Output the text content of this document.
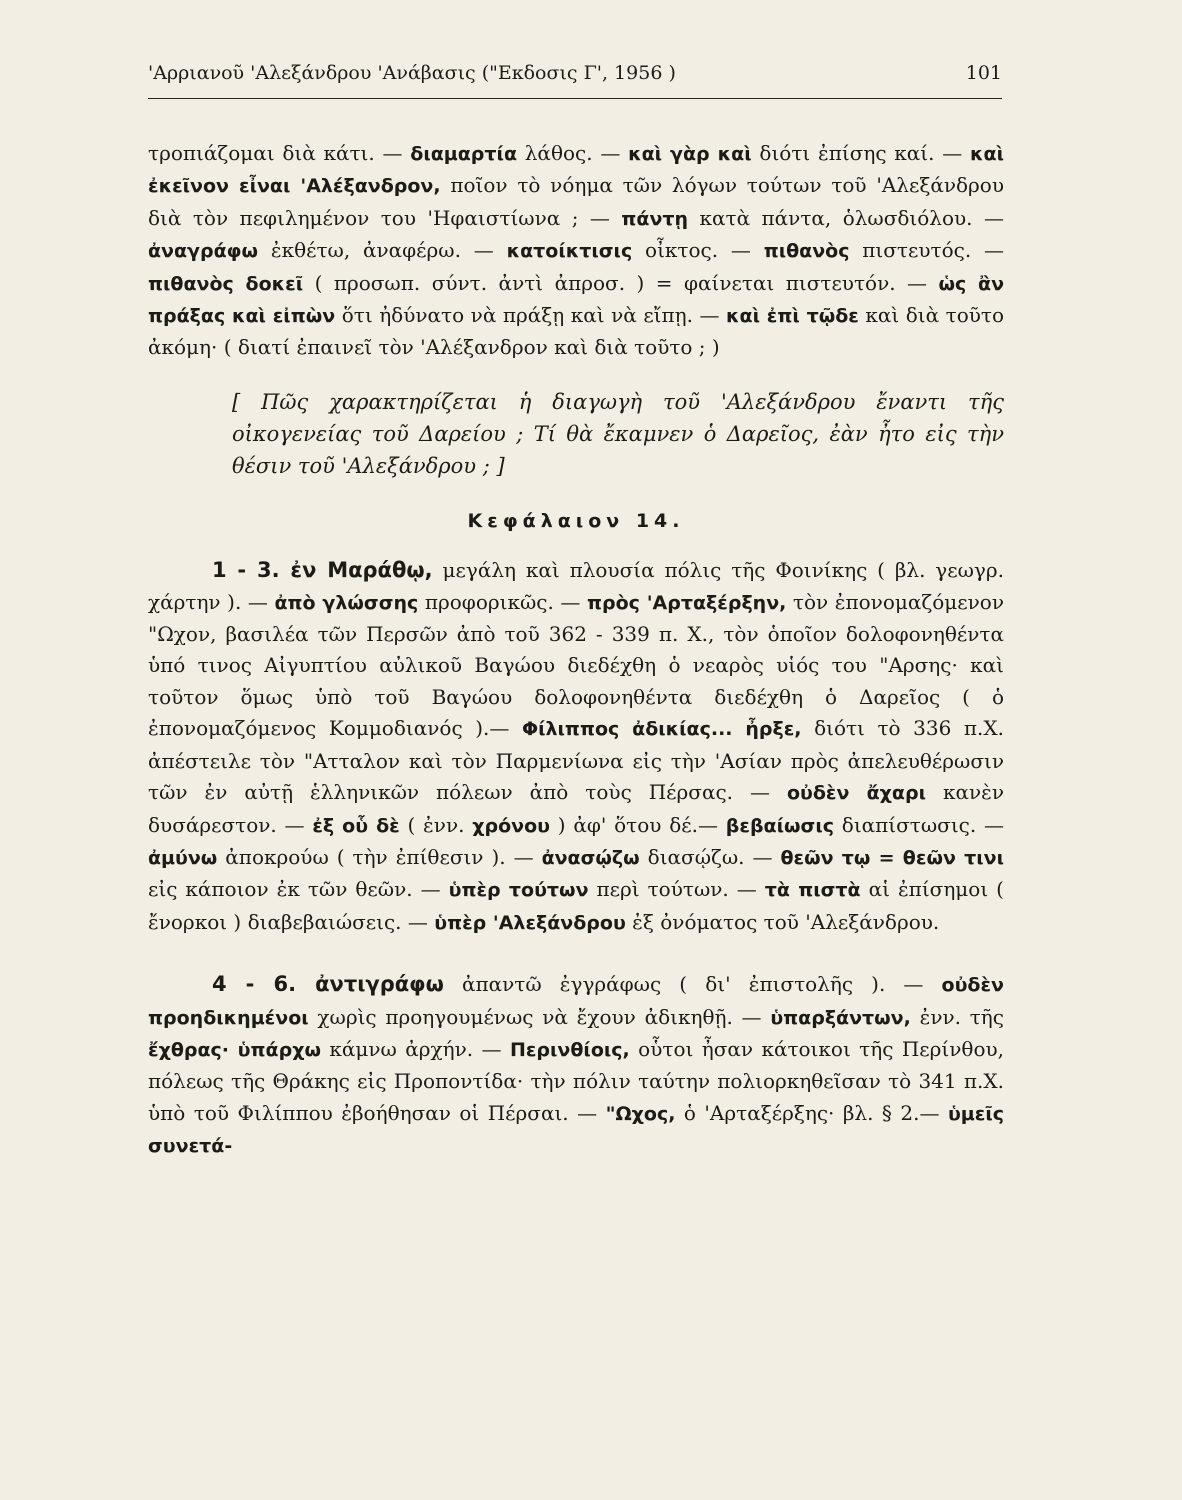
'Αρριανοῦ 'Αλεξάνδρου 'Ανάβασις ("Εκδοσις Γ', 1956 )	101

τροπιάζομαι διὰ κάτι. — διαμαρτία λάθος. — καὶ γὰρ καὶ διότι ἐπίσης καί. — καὶ ἐκεῖνον εἶναι 'Αλέξανδρον, ποῖον τὸ νόημα τῶν λόγων τούτων τοῦ 'Αλεξάνδρου διὰ τὸν πεφιλημένον του 'Ηφαιστίωνα ; — πάντῃ κατὰ πάντα, ὁλωσδιόλου. — ἀναγράφω ἐκθέτω, ἀναφέρω. — κατοίκτισις οἶκτος. — πιθανὸς πιστευτός. — πιθανὸς δοκεῖ ( προσωπ. σύντ. ἀντὶ ἀπροσ. ) = φαίνεται πιστευτόν. — ὡς ἂν πράξας καὶ εἰπὼν ὅτι ἠδύνατο νὰ πράξῃ καὶ νὰ εἴπῃ. — καὶ ἐπὶ τῷδε καὶ διὰ τοῦτο ἀκόμη· ( διατί ἐπαινεῖ τὸν 'Αλέξανδρον καὶ διὰ τοῦτο ; )

[ Πῶς χαρακτηρίζεται ἡ διαγωγὴ τοῦ 'Αλεξάνδρου ἔναντι τῆς οἰκογενείας τοῦ Δαρείου ; Τί θὰ ἔκαμνεν ὁ Δαρεῖος, ἐὰν ἦτο εἰς τὴν θέσιν τοῦ 'Αλεξάνδρου ; ]

Κεφάλαιον 14.

1 - 3. ἐν Μαράθῳ, μεγάλη καὶ πλουσία πόλις τῆς Φοινίκης ( βλ. γεωγρ. χάρτην ). — ἀπὸ γλώσσης προφορικῶς. — πρὸς 'Αρταξέρξην, τὸν ἐπονομαζόμενον "Ωχον, βασιλέα τῶν Περσῶν ἀπὸ τοῦ 362 - 339 π. Χ., τὸν ὁποῖον δολοφονηθέντα ὑπό τινος Αἰγυπτίου αὐλικοῦ Βαγώου διεδέχθη ὁ νεαρὸς υἱός του "Αρσης· καὶ τοῦτον ὅμως ὑπὸ τοῦ Βαγώου δολοφονηθέντα διεδέχθη ὁ Δαρεῖος ( ὁ ἐπονομαζόμενος Κομμοδιανός ).— Φίλιππος ἀδικίας... ἦρξε, διότι τὸ 336 π.Χ. ἀπέστειλε τὸν "Ατταλον καὶ τὸν Παρμενίωνα εἰς τὴν 'Ασίαν πρὸς ἀπελευθέρωσιν τῶν ἐν αὐτῇ ἑλληνικῶν πόλεων ἀπὸ τοὺς Πέρσας. — οὐδὲν ἄχαρι κανὲν δυσάρεστον. — ἐξ οὗ δὲ ( ἐνν. χρόνου ) ἀφ' ὅτου δέ.— βεβαίωσις διαπίστωσις. — ἀμύνω ἀποκρούω ( τὴν ἐπίθεσιν ). — ἀνασῴζω διασῴζω. — θεῶν τῳ = θεῶν τινι εἰς κάποιον ἐκ τῶν θεῶν. — ὑπὲρ τούτων περὶ τούτων. — τὰ πιστὰ αἱ ἐπίσημοι ( ἔνορκοι ) διαβεβαιώσεις. — ὑπὲρ 'Αλεξάνδρου ἐξ ὀνόματος τοῦ 'Αλεξάνδρου.

4 - 6. ἀντιγράφω ἀπαντῶ ἐγγράφως ( δι' ἐπιστολῆς ). — οὐδὲν προηδικημένοι χωρὶς προηγουμένως νὰ ἔχουν ἀδικηθῇ. — ὑπαρξάντων, ἐνν. τῆς ἔχθρας· ὑπάρχω κάμνω ἀρχήν. — Περινθίοις, οὗτοι ἦσαν κάτοικοι τῆς Περίνθου, πόλεως τῆς Θράκης εἰς Προποντίδα· τὴν πόλιν ταύτην πολιορκηθεῖσαν τὸ 341 π.Χ. ὑπὸ τοῦ Φιλίππου ἐβοήθησαν οἱ Πέρσαι. — "Ωχος, ὁ 'Αρταξέρξης· βλ. § 2.— ὑμεῖς συνετά-
